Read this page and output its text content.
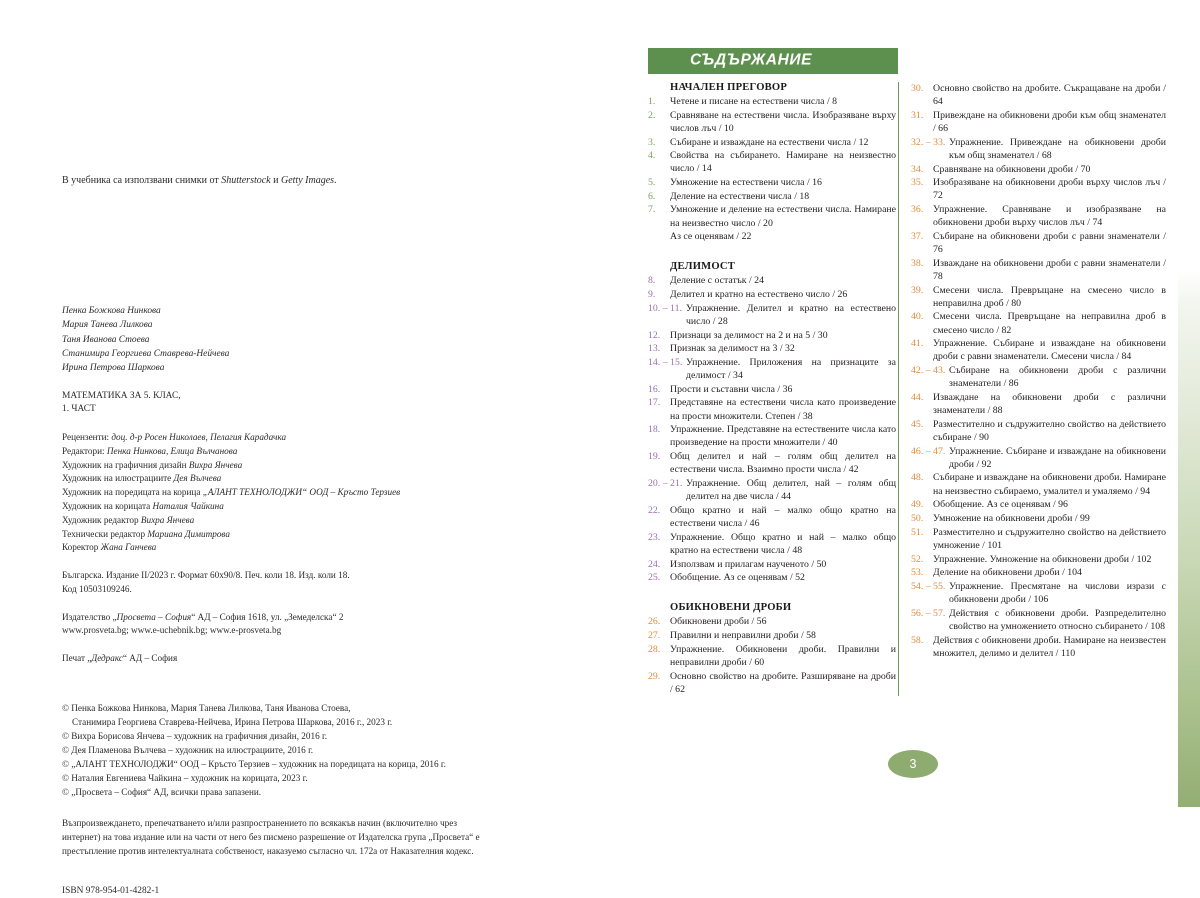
В учебника са използвани снимки от Shutterstock и Getty Images.
Пенка Божкова Нинкова
Мария Танева Лилкова
Таня Иванова Стоева
Станимира Георгиева Ставрева-Нейчева
Ирина Петрова Шаркова
МАТЕМАТИКА ЗА 5. КЛАС,
1. ЧАСТ
Рецензенти: доц. д-р Росен Николаев, Пелагия Карадачка
Редактори: Пенка Нинкова, Елица Вълчанова
Художник на графичния дизайн Вихра Янчева
Художник на илюстрациите Дея Вълчева
Художник на поредицата на корица „АЛАНТ ТЕХНОЛОДЖИ“ ООД – Кръсто Терзиев
Художник на корицата Наталия Чайкина
Художник редактор Вихра Янчева
Технически редактор Мариана Димитрова
Коректор Жана Ганчева
Българска. Издание II/2023 г. Формат 60х90/8. Печ. коли 18. Изд. коли 18.
Код 10503109246.
Издателство „Просвета – София“ АД – София 1618, ул. „Земеделска“ 2
www.prosveta.bg; www.e-uchebnik.bg; www.e-prosveta.bg
Печат „Дедракс“ АД – София
© Пенка Божкова Нинкова, Мария Танева Лилкова, Таня Иванова Стоева,
Станимира Георгиева Ставрева-Нейчева, Ирина Петрова Шаркова, 2016 г., 2023 г.
© Вихра Борисова Янчева – художник на графичния дизайн, 2016 г.
© Дея Пламенова Вълчева – художник на илюстрациите, 2016 г.
© „АЛАНТ ТЕХНОЛОДЖИ“ ООД – Кръсто Терзиев – художник на поредицата на корица, 2016 г.
© Наталия Евгениева Чайкина – художник на корицата, 2023 г.
© „Просвета – София“ АД, всички права запазени.
Възпроизвеждането, препечатването и/или разпространението по всякакъв начин (включително чрез интернет) на това издание или на части от него без писмено разрешение от Издателска група „Просвета“ е престъпление против интелектуалната собственост, наказуемо съгласно чл. 172а от Наказателния кодекс.
ISBN 978-954-01-4282-1
СЪДЪРЖАНИЕ
НАЧАЛЕН ПРЕГОВОР
1.	Четене и писане на естествени числа / 8
2.	Сравняване на естествени числа. Изобразяване върху числов лъч / 10
3.	Събиране и изваждане на естествени числа / 12
4.	Свойства на събирането. Намиране на неизвестно число / 14
5.	Умножение на естествени числа / 16
6.	Деление на естествени числа / 18
7.	Умножение и деление на естествени числа. Намиране на неизвестно число / 20
Аз се оценявам / 22
ДЕЛИМОСТ
8.	Деление с остатък / 24
9.	Делител и кратно на естествено число / 26
10. – 11. Упражнение. Делител и кратно на естествено число / 28
12. Признаци за делимост на 2 и на 5 / 30
13. Признак за делимост на 3 / 32
14. – 15. Упражнение. Приложения на признаците за делимост / 34
16. Прости и съставни числа / 36
17. Представяне на естествени числа като произведение на прости множители. Степен / 38
18. Упражнение. Представяне на естествените числа като произведение на прости множители / 40
19. Общ делител и най – голям общ делител на естествени числа. Взаимно прости числа / 42
20. – 21. Упражнение. Общ делител, най – голям общ делител на две числа / 44
22. Общо кратно и най – малко общо кратно на естествени числа / 46
23. Упражнение. Общо кратно и най – малко общо кратно на естествени числа / 48
24. Използвам и прилагам наученото / 50
25. Обобщение. Аз се оценявам / 52
ОБИКНОВЕНИ ДРОБИ
26. Обикновени дроби / 56
27. Правилни и неправилни дроби / 58
28. Упражнение. Обикновени дроби. Правилни и неправилни дроби / 60
29. Основно свойство на дробите. Разширяване на дроби / 62
30. Основно свойство на дробите. Съкращаване на дроби / 64
31. Привеждане на обикновени дроби към общ знаменател / 66
32. – 33. Упражнение. Привеждане на обикновени дроби към общ знаменател / 68
34. Сравняване на обикновени дроби / 70
35. Изобразяване на обикновени дроби върху числов лъч / 72
36. Упражнение. Сравняване и изобразяване на обикновени дроби върху числов лъч / 74
37. Събиране на обикновени дроби с равни знаменатели / 76
38. Изваждане на обикновени дроби с равни знаменатели / 78
39. Смесени числа. Превръщане на смесено число в неправилна дроб / 80
40. Смесени числа. Превръщане на неправилна дроб в смесено число / 82
41. Упражнение. Събиране и изваждане на обикновени дроби с равни знаменатели. Смесени числа / 84
42. – 43. Събиране на обикновени дроби с различни знаменатели / 86
44. Изваждане на обикновени дроби с различни знаменатели / 88
45. Разместително и съдружително свойство на действието събиране / 90
46. – 47. Упражнение. Събиране и изваждане на обикновени дроби / 92
48. Събиране и изваждане на обикновени дроби. Намиране на неизвестно събираемо, умалител и умаляемо / 94
49. Обобщение. Аз се оценявам / 96
50. Умножение на обикновени дроби / 99
51. Разместително и съдружително свойство на действието умножение / 101
52. Упражнение. Умножение на обикновени дроби / 102
53. Деление на обикновени дроби / 104
54. – 55. Упражнение. Пресмятане на числови изрази с обикновени дроби / 106
56. – 57. Действия с обикновени дроби. Разпределително свойство на умножението относно събирането / 108
58. Действия с обикновени дроби. Намиране на неизвестен множител, делимо и делител / 110
3
